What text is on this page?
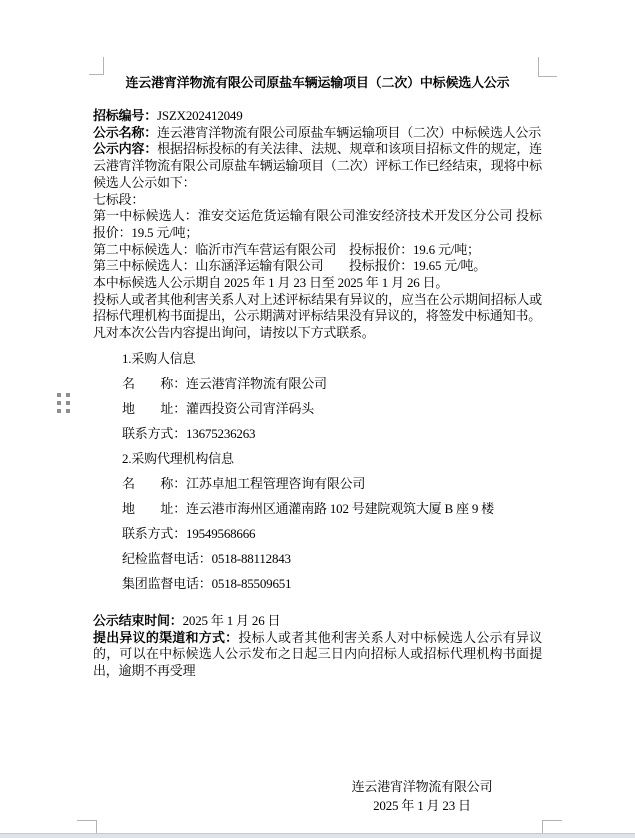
连云港宵洋物流有限公司原盐车辆运输项目（二次）中标候选人公示

招标编号：JSZX202412049

公示名称：连云港宵洋物流有限公司原盐车辆运输项目（二次）中标候选人公示

公示内容：根据招标投标的有关法律、法规、规章和该项目招标文件的规定，连云港宵洋物流有限公司原盐车辆运输项目（二次）评标工作已经结束，现将中标候选人公示如下：

七标段：

第一中标候选人：淮安交运危货运输有限公司淮安经济技术开发区分公司 投标报价：19.5 元/吨；

第二中标候选人：临沂市汽车营运有限公司　投标报价：19.6 元/吨；

第三中标候选人：山东涵泽运输有限公司　　投标报价：19.65 元/吨。

本中标候选人公示期自 2025 年 1 月 23 日至 2025 年 1 月 26 日。

投标人或者其他利害关系人对上述评标结果有异议的，应当在公示期间招标人或招标代理机构书面提出，公示期满对评标结果没有异议的，将签发中标通知书。

凡对本次公告内容提出询问，请按以下方式联系。

1.采购人信息

名　　称：连云港宵洋物流有限公司

地　　址：灌西投资公司宵洋码头

联系方式：13675236263

2.采购代理机构信息

名　　称：江苏卓旭工程管理咨询有限公司

地　　址：连云港市海州区通灌南路 102 号建院观筑大厦 B 座 9 楼

联系方式：19549568666

纪检监督电话：0518-88112843

集团监督电话：0518-85509651

公示结束时间：2025 年 1 月 26 日

提出异议的渠道和方式：投标人或者其他利害关系人对中标候选人公示有异议的，可以在中标候选人公示发布之日起三日内向招标人或招标代理机构书面提出，逾期不再受理

连云港宵洋物流有限公司

2025 年 1 月 23 日
